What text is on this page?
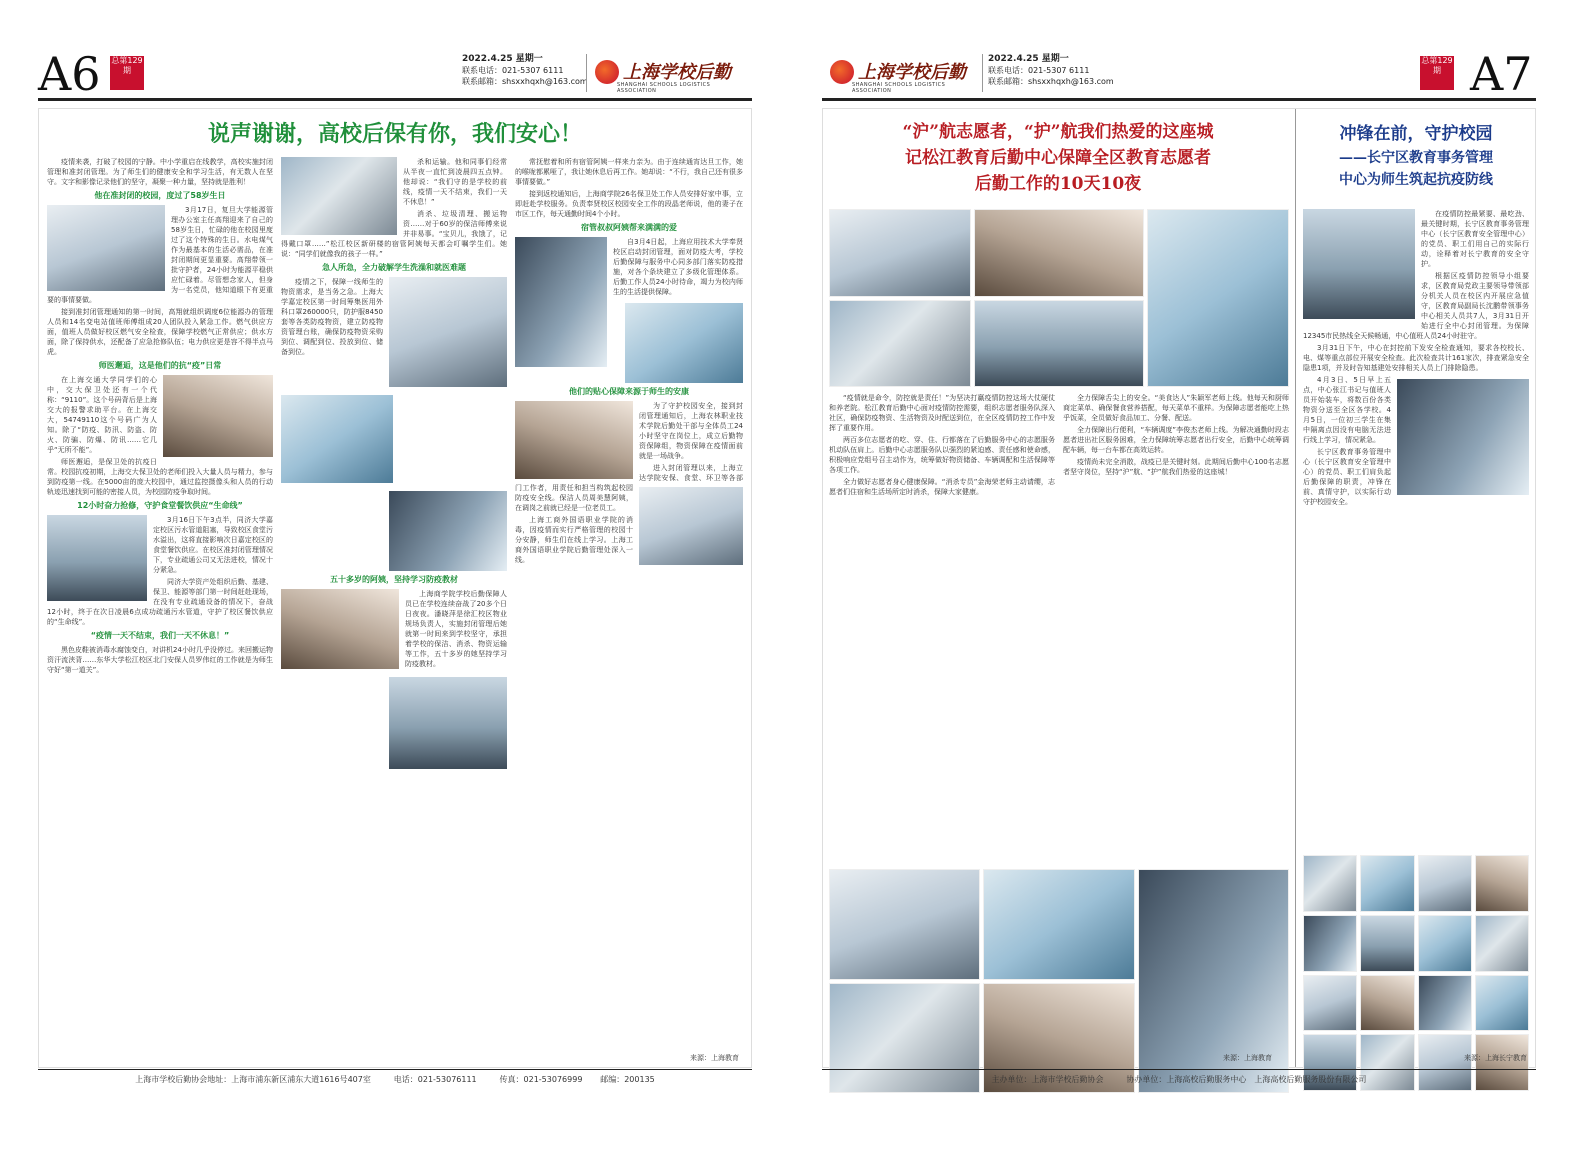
A6 总第129期
2022.4.25 星期一
联系电话：021-5307 6111
联系邮箱：shsxxhqxh@163.com 上海学校后勤
SHANGHAI SCHOOLS LOGISTICS ASSOCIATION
说声谢谢，高校后保有你，我们安心！

疫情来袭，打破了校园的宁静。中小学重启在线教学，高校实施封闭管理和准封闭管理。为了师生们的健康安全和学习生活，有无数人在坚守。文字和影像记录他们的坚守，凝聚一种力量，坚持就是胜利！

他在准封闭的校园，度过了58岁生日

3月17日，复旦大学能源管理办公室主任高翔迎来了自己的58岁生日，忙碌的他在校园里度过了这个特殊的生日。水电煤气作为最基本的生活必需品，在准封闭期间更显重要。高翔带领一批守护者，24小时为能源平稳供应忙碌着。尽管想念家人，但身为一名党员，他知道眼下有更重要的事情要做。

接到准封闭管理通知的第一时间，高翔就组织调度6位能源办的管理人员和14名变电站值班师傅组成20人团队投入紧急工作。燃气供应方面，值班人员做好校区燃气安全检查，保障学校燃气正常供应；供水方面，除了保持供水，还配备了应急抢修队伍；电力供应更是容不得半点马虎。

师医邂逅，这是他们的抗“疫”日常

在上海交通大学同学们的心中，交大保卫处还有一个代称：“9110”。这个号码背后是上海交大的报警求助平台。在上海交大，54749110这个号码广为人知。除了“防疫、防汛、防盗、防火、防骗、防爆、防讯……它几乎“无所不能”。

师医邂逅，是保卫处的抗疫日常。校园抗疫初期，上海交大保卫处的老师们投入大量人员与精力，参与到防疫第一线。在5000亩的庞大校园中，通过监控摄像头和人员的行动轨迹迅速找到可能的密接人员，为校园防疫争取时间。

12小时奋力抢修，守护食堂餐饮供应“生命线”

3月16日下午3点半，同济大学嘉定校区污水管道阻塞，导致校区食堂污水溢出，这将直接影响次日嘉定校区的食堂餐饮供应。在校区准封闭管理情况下，专业疏通公司又无法进校，情况十分紧急。

同济大学资产处组织后勤、基建、保卫、能源等部门第一时间赶赴现场，在没有专业疏通设备的情况下，奋战12小时，终于在次日凌晨6点成功疏通污水管道，守护了校区餐饮供应的“生命线”。

“疫情一天不结束，我们一天不休息！”

黑色皮鞋被消毒水腐蚀变白，对讲机24小时几乎没停过。来回搬运物资汗流浃背……东华大学松江校区北门安保人员罗伟红的工作就是为师生守好“第一道关”。

杀和运输。他和同事们经常从半夜一直忙到凌晨四五点钟。他却说：“我们守的是学校的前线，疫情一天不结束，我们一天不休息！”

消杀、垃圾清理、搬运物资……对于60岁的保洁师傅来说并非易事。“宝贝儿，我饿了，记得戴口罩……”松江校区新研楼的宿管阿姨每天都会叮嘱学生们。她说：“同学们就像我的孩子一样。”

急人所急，全力破解学生洗澡和就医难题

疫情之下，保障一线师生的物资需求，是当务之急。上海大学嘉定校区第一时间筹集医用外科口罩260000只，防护服8450套等各类防疫物资，建立防疫物资管理台账，确保防疫物资采购到位、调配到位、投放到位、储备到位。

五十多岁的阿姨，坚持学习防疫教材

上海商学院学校后勤保障人员已在学校连续奋战了20多个日日夜夜。潘晓萍是徐汇校区物业规场负责人，实施封闭管理后她就第一时间来到学校坚守，承担着学校的保洁、消杀、物资运输等工作，五十多岁的她坚持学习防疫教材。

常抚慰着和所有宿管阿姨一样来力亲为。由于连续通宵达旦工作，她的喉咙都累哑了，我让她休息后再工作。她却说：“不行，我自己还有很多事情要做。”

接到返校通知后，上海商学院26名保卫处工作人员安排好家中事，立即赶赴学校服务。负责奉贤校区校园安全工作的段晶老师说，他的妻子在市区工作，每天通勤时间4个小时。

宿管叔叔阿姨帮来满满的爱

自3月4日起，上海应用技术大学奉贤校区启动封闭管理，面对防疫大考，学校后勤保障与服务中心同多部门落实防疫措施，对各个条块建立了多级化管理体系。后勤工作人员24小时待命，竭力为校内师生的生活提供保障。

他们的贴心保障来源于师生的安康

为了守护校园安全，接到封闭管理通知后，上海农林职业技术学院后勤处干部与全体员工24小时坚守在岗位上，成立后勤物资保障组，物资保障在疫情面前就是一场战争。

进入封闭管理以来，上海立达学院安保、食堂、环卫等各部门工作者，用责任和担当构筑起校园防疫安全线。保洁人员周美慧阿姨，在调岗之前就已经是一位老员工。

上海工商外国语职业学院的消毒，因疫情而实行严格管理的校园十分安静，师生们在线上学习。上海工商外国语职业学院后勤管理处深入一线。

来源：上海教育
上海市学校后勤协会地址：上海市浦东新区浦东大道1616号407室	电话：021-53076111	传真：021-53076999 邮编：200135
上海学校后勤
SHANGHAI SCHOOLS LOGISTICS ASSOCIATION
2022.4.25 星期一
联系电话：021-5307 6111
联系邮箱：shsxxhqxh@163.com
总第129期 A7
“沪”航志愿者，“护”航我们热爱的这座城
记松江教育后勤中心保障全区教育志愿者
后勤工作的10天10夜

“疫情就是命令，防控就是责任！”为坚决打赢疫情防控这场大仗硬仗和养老院。松江教育后勤中心面对疫情防控需要，组织志愿者服务队深入社区，确保防疫物资、生活物资及时配送到位，在全区疫情防控工作中发挥了重要作用。

两百多位志愿者的吃、穿、住、行都落在了后勤服务中心的志愿服务机动队伍肩上。后勤中心志愿服务队以强烈的紧迫感、责任感和使命感，积极响应党组号召主动作为，统筹做好物资储备、车辆调配和生活保障等各项工作。

全力做好志愿者身心健康保障。“消杀专员”金海荣老师主动请缨，志愿者们住宿和生活场所定时消杀，保障大家健康。

全力保障舌尖上的安全。“美食达人”朱颖军老师上线。他每天和厨师商定菜单、确保餐食营养搭配，每天菜单不重样。为保障志愿者能吃上热乎饭菜，全员做好食品加工、分餐、配送。

全力保障出行便利，“车辆调度”李俊杰老师上线。为解决通勤时段志愿者进出社区服务困难，全力保障统筹志愿者出行安全，后勤中心统筹调配车辆，每一台车都在高效运转。

疫情尚未完全消散，战疫已是关键时刻。此期间后勤中心100名志愿者坚守岗位，坚持“沪”航、“护”航我们热爱的这座城！

来源：上海教育
冲锋在前，守护校园
——长宁区教育事务管理
中心为师生筑起抗疫防线

在疫情防控最紧要、最吃劲、最关键时期，长宁区教育事务管理中心（长宁区教育安全管理中心）的党员、职工们用自己的实际行动，诠释着对长宁教育的安全守护。

根据区疫情防控领导小组要求，区教育局党政主要领导带领部分机关人员在校区内开展应急值守，区教育局副局长沈鹏带领事务中心相关人员共7人，3月31日开始进行全中心封闭管理。为保障12345市民热线全天候畅通，中心值班人员24小时驻守。

3月31日下午，中心在封控前下发安全检查通知，要求各校校长、电、煤等重点部位开展安全检查。此次检查共计161家次，排查紧急安全隐患1项，并及时告知基建处安排相关人员上门排除隐患。

4月3日、5日早上五点，中心张江书记与值班人员开始装车，将数百份各类物资分送至全区各学校。4月5日，一位初三学生在集中隔离点因没有电脑无法进行线上学习，情况紧急。

长宁区教育事务管理中心（长宁区教育安全管理中心）的党员、职工们肩负起后勤保障的职责，冲锋在前、真情守护，以实际行动守护校园安全。

来源：上海长宁教育
主办单位：上海市学校后勤协会	协办单位：上海高校后勤服务中心　上海高校后勤服务股份有限公司
